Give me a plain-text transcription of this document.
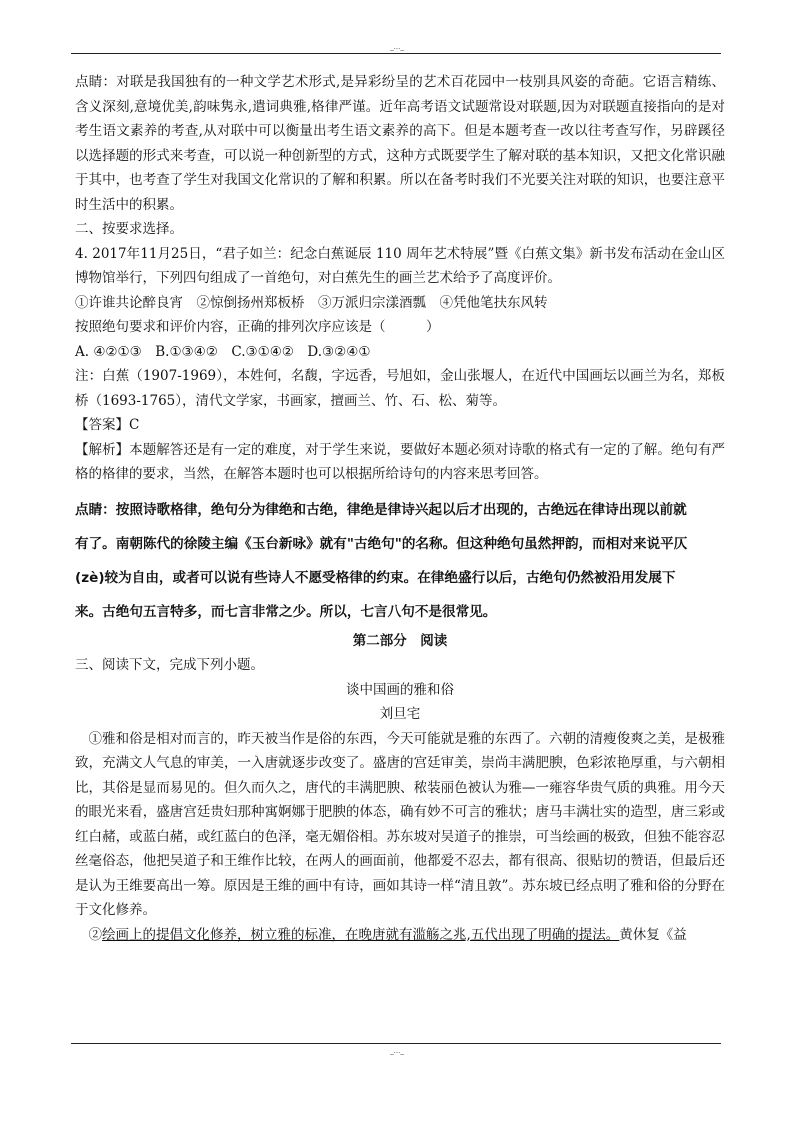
_..._

点睛：对联是我国独有的一种文学艺术形式,是异彩纷呈的艺术百花园中一枝别具风姿的奇葩。它语言精练、含义深刻,意境优美,韵味隽永,遣词典雅,格律严谨。近年高考语文试题常设对联题,因为对联题直接指向的是对考生语文素养的考查,从对联中可以衡量出考生语文素养的高下。但是本题考查一改以往考查写作，另辟蹊径以选择题的形式来考查，可以说一种创新型的方式，这种方式既要学生了解对联的基本知识，又把文化常识融于其中，也考查了学生对我国文化常识的了解和积累。所以在备考时我们不光要关注对联的知识，也要注意平时生活中的积累。

二、按要求选择。

4. 2017年11月25日，“君子如兰：纪念白蕉诞辰 110 周年艺术特展”暨《白蕉文集》新书发布活动在金山区博物馆举行，下列四句组成了一首绝句，对白蕉先生的画兰艺术给予了高度评价。

①许谁共论醉良宵　②惊倒扬州郑板桥　③万派归宗漾酒瓢　④凭他笔扶东风转

按照绝句要求和评价内容，正确的排列次序应该是（　　　）

A. ④②①③　B.①③④②　C.③①④②　D.③②④①

注：白蕉（1907-1969），本姓何，名馥，字远香，号旭如，金山张堰人，在近代中国画坛以画兰为名，郑板桥（1693-1765），清代文学家，书画家，擅画兰、竹、石、松、菊等。

【答案】C

【解析】本题解答还是有一定的难度，对于学生来说，要做好本题必须对诗歌的格式有一定的了解。绝句有严格的格律的要求，当然，在解答本题时也可以根据所给诗句的内容来思考回答。

点睛：按照诗歌格律，绝句分为律绝和古绝，律绝是律诗兴起以后才出现的，古绝远在律诗出现以前就

有了。南朝陈代的徐陵主编《玉台新咏》就有"古绝句"的名称。但这种绝句虽然押韵，而相对来说平仄

(zè)较为自由，或者可以说有些诗人不愿受格律的约束。在律绝盛行以后，古绝句仍然被沿用发展下

来。古绝句五言特多，而七言非常之少。所以，七言八句不是很常见。

第二部分　阅读

三、阅读下文，完成下列小题。

谈中国画的雅和俗

刘旦宅

①雅和俗是相对而言的，昨天被当作是俗的东西，今天可能就是雅的东西了。六朝的清瘦俊爽之美，是极雅致，充满文人气息的审美，一入唐就逐步改变了。盛唐的宫廷审美，崇尚丰满肥腴，色彩浓艳厚重，与六朝相比，其俗是显而易见的。但久而久之，唐代的丰满肥腴、秾装丽色被认为雅—一雍容华贵气质的典雅。用今天的眼光来看，盛唐宫廷贵妇那种寓婀娜于肥腴的体态，确有妙不可言的雅状；唐马丰满壮实的造型，唐三彩或红白赭，或蓝白赭，或红蓝白的色泽，毫无媚俗相。苏东坡对吴道子的推崇，可当绘画的极致，但独不能容忍丝毫俗态，他把吴道子和王维作比较，在两人的画面前，他都爱不忍去，都有很高、很贴切的赞语，但最后还是认为王维要高出一筹。原因是王维的画中有诗，画如其诗一样“清且敦”。苏东坡已经点明了雅和俗的分野在于文化修养。

②绘画上的提倡文化修养，树立雅的标准，在晚唐就有滥觞之兆,五代出现了明确的提法。黄休复《益

_..._
